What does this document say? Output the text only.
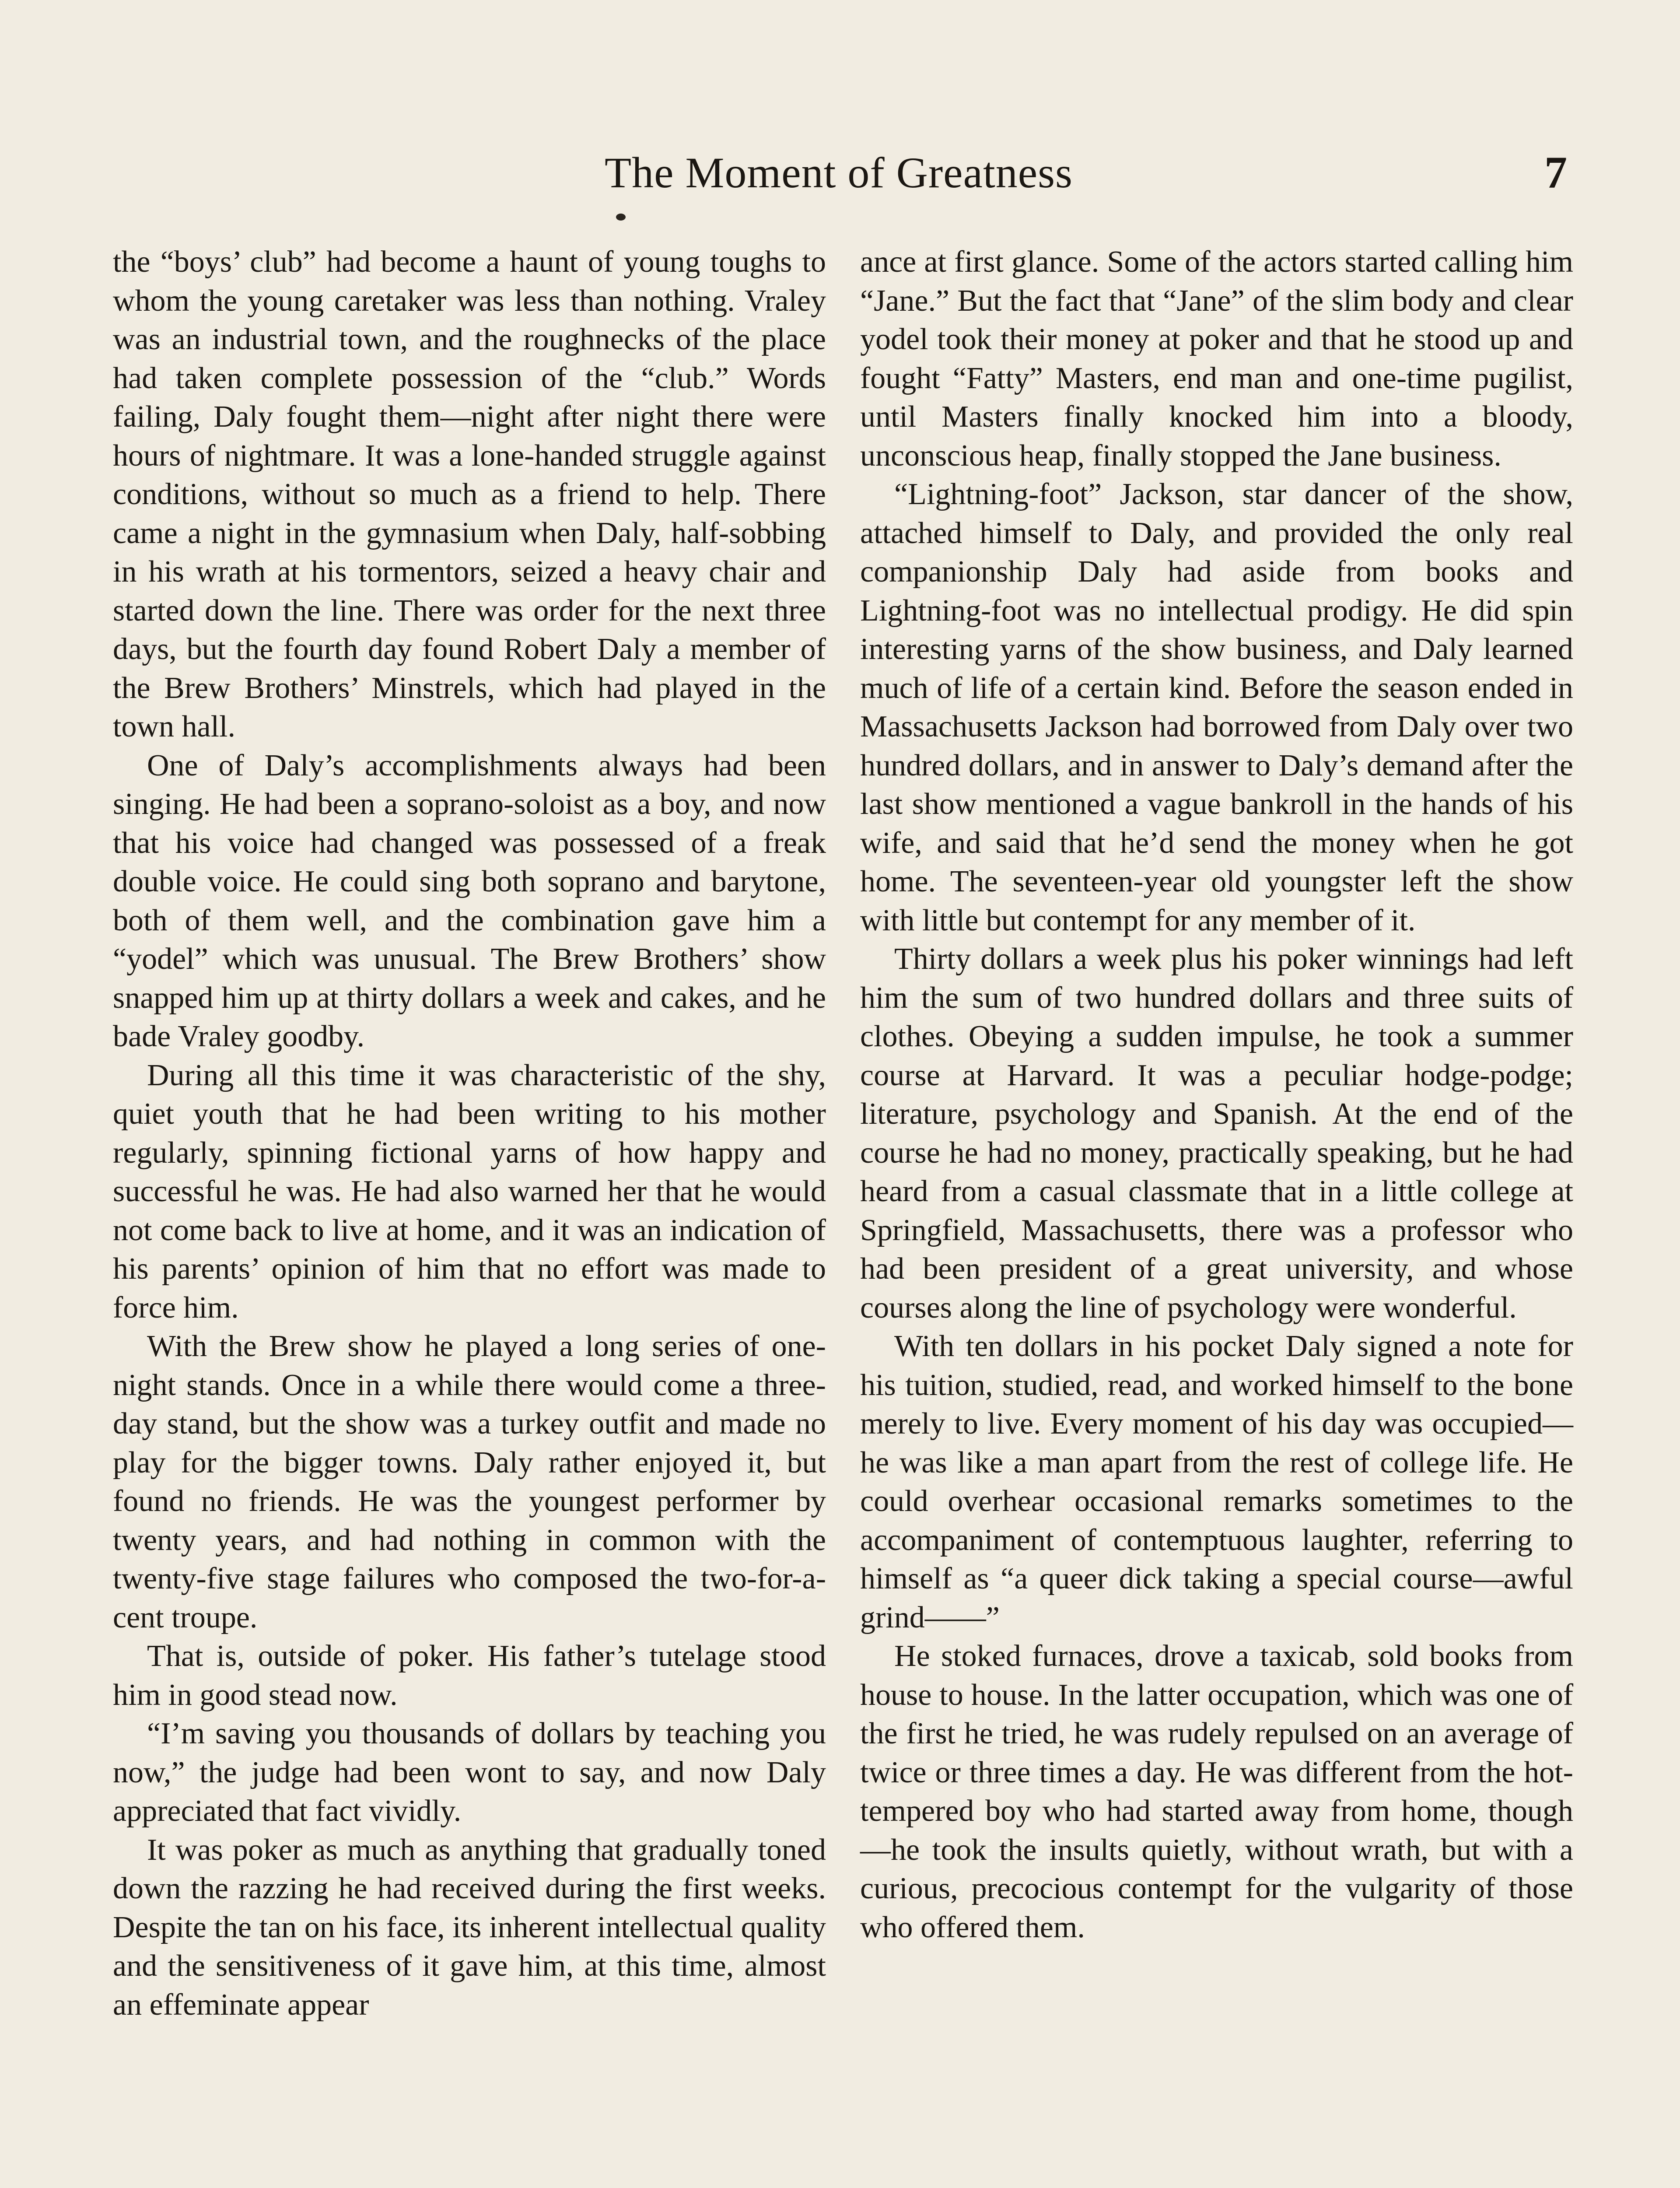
The Moment of Greatness	7

the “boys’ club” had become a haunt of young toughs to whom the young caretaker was less than nothing. Vraley was an industrial town, and the roughnecks of the place had taken complete possession of the “club.” Words failing, Daly fought them—night after night there were hours of nightmare. It was a lone-handed struggle against conditions, without so much as a friend to help. There came a night in the gymnasium when Daly, half-sobbing in his wrath at his tormentors, seized a heavy chair and started down the line. There was order for the next three days, but the fourth day found Robert Daly a member of the Brew Brothers’ Minstrels, which had played in the town hall.

One of Daly’s accomplishments always had been singing. He had been a soprano-soloist as a boy, and now that his voice had changed was possessed of a freak double voice. He could sing both soprano and barytone, both of them well, and the combination gave him a “yodel” which was unusual. The Brew Brothers’ show snapped him up at thirty dollars a week and cakes, and he bade Vraley goodby.

During all this time it was characteristic of the shy, quiet youth that he had been writing to his mother regularly, spinning fictional yarns of how happy and successful he was. He had also warned her that he would not come back to live at home, and it was an indication of his parents’ opinion of him that no effort was made to force him.

With the Brew show he played a long series of one-night stands. Once in a while there would come a three-day stand, but the show was a turkey outfit and made no play for the bigger towns. Daly rather enjoyed it, but found no friends. He was the youngest performer by twenty years, and had nothing in common with the twenty-five stage failures who composed the two-for-a-cent troupe.

That is, outside of poker. His father’s tutelage stood him in good stead now.

“I’m saving you thousands of dollars by teaching you now,” the judge had been wont to say, and now Daly appreciated that fact vividly.

It was poker as much as anything that gradually toned down the razzing he had received during the first weeks. Despite the tan on his face, its inherent intellectual quality and the sensitiveness of it gave him, at this time, almost an effeminate appear

ance at first glance. Some of the actors started calling him “Jane.” But the fact that “Jane” of the slim body and clear yodel took their money at poker and that he stood up and fought “Fatty” Masters, end man and one-time pugilist, until Masters finally knocked him into a bloody, unconscious heap, finally stopped the Jane business.

“Lightning-foot” Jackson, star dancer of the show, attached himself to Daly, and provided the only real companionship Daly had aside from books and Lightning-foot was no intellectual prodigy. He did spin interesting yarns of the show business, and Daly learned much of life of a certain kind. Before the season ended in Massachusetts Jackson had borrowed from Daly over two hundred dollars, and in answer to Daly’s demand after the last show mentioned a vague bankroll in the hands of his wife, and said that he’d send the money when he got home. The seventeen-year old youngster left the show with little but contempt for any member of it.

Thirty dollars a week plus his poker winnings had left him the sum of two hundred dollars and three suits of clothes. Obeying a sudden impulse, he took a summer course at Harvard. It was a peculiar hodge-podge; literature, psychology and Spanish. At the end of the course he had no money, practically speaking, but he had heard from a casual classmate that in a little college at Springfield, Massachusetts, there was a professor who had been president of a great university, and whose courses along the line of psychology were wonderful.

With ten dollars in his pocket Daly signed a note for his tuition, studied, read, and worked himself to the bone merely to live. Every moment of his day was occupied—he was like a man apart from the rest of college life. He could overhear occasional remarks sometimes to the accompaniment of contemptuous laughter, referring to himself as “a queer dick taking a special course—awful grind——”

He stoked furnaces, drove a taxicab, sold books from house to house. In the latter occupation, which was one of the first he tried, he was rudely repulsed on an average of twice or three times a day. He was different from the hot-tempered boy who had started away from home, though—he took the insults quietly, without wrath, but with a curious, precocious contempt for the vulgarity of those who offered them.
